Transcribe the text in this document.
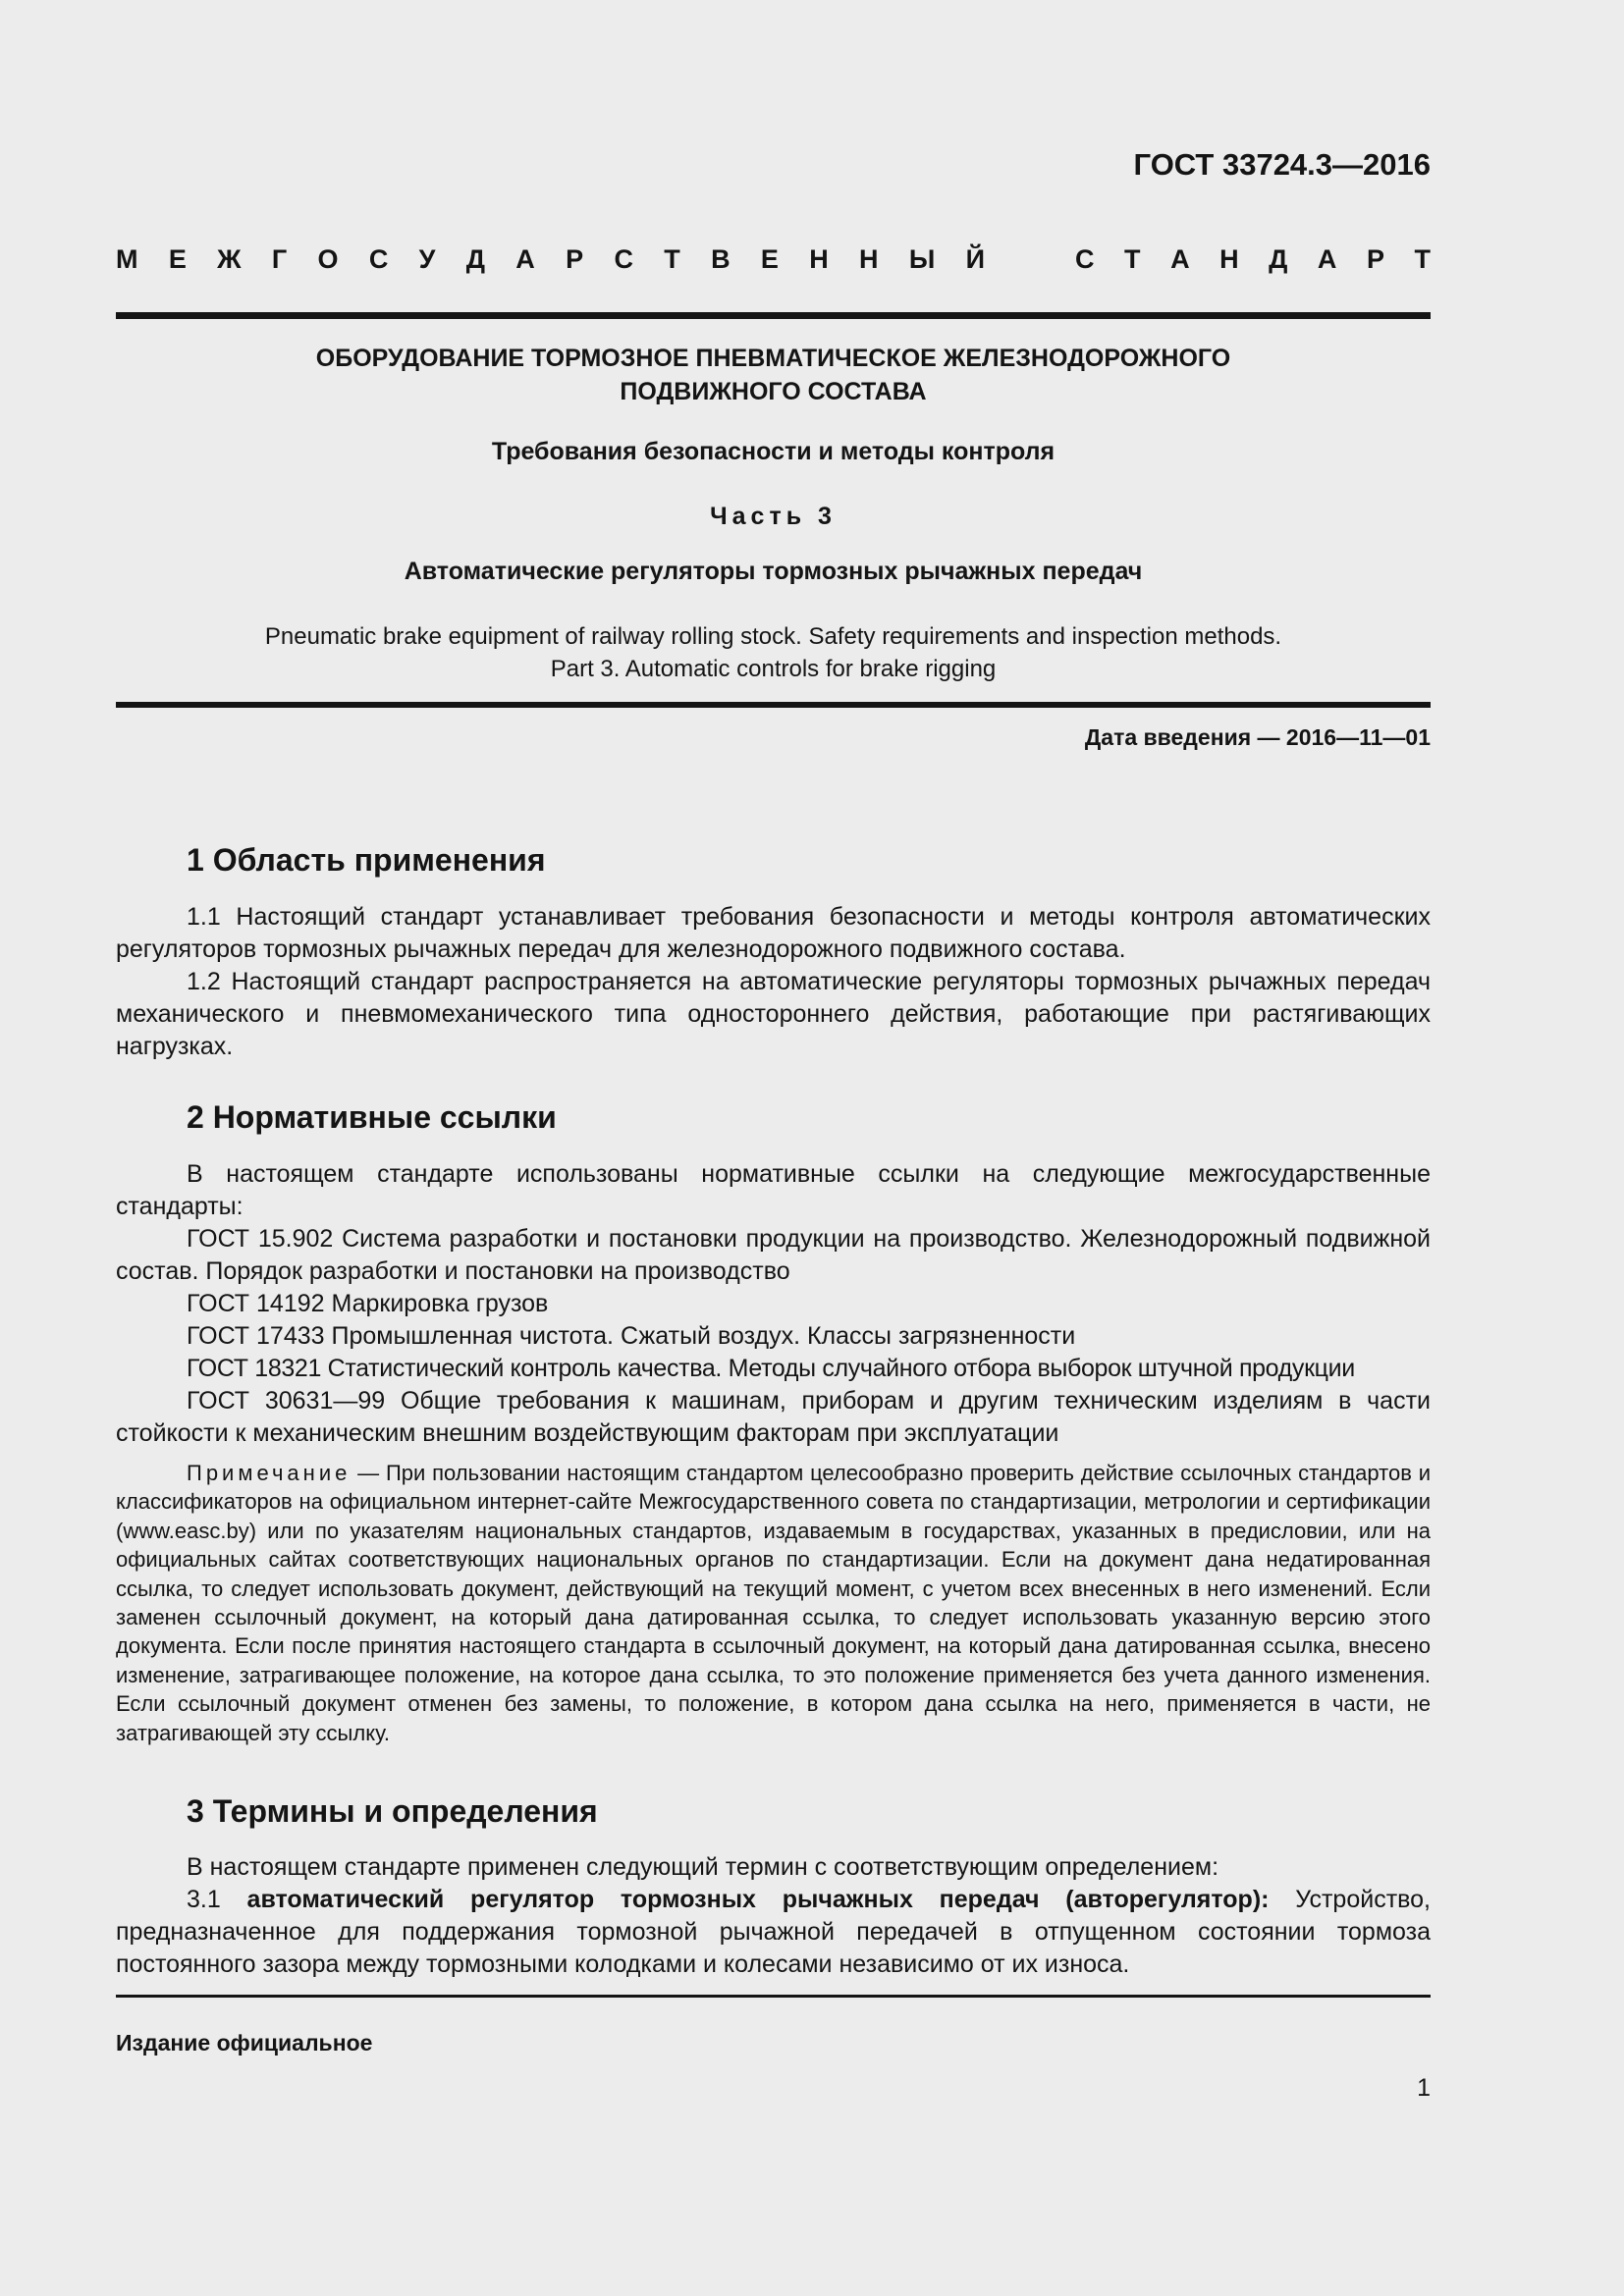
ГОСТ 33724.3—2016
М Е Ж Г О С У Д А Р С Т В Е Н Н Ы Й	С Т А Н Д А Р Т
ОБОРУДОВАНИЕ ТОРМОЗНОЕ ПНЕВМАТИЧЕСКОЕ ЖЕЛЕЗНОДОРОЖНОГО
ПОДВИЖНОГО СОСТАВА
Требования безопасности и методы контроля
Часть 3
Автоматические регуляторы тормозных рычажных передач
Pneumatic brake equipment of railway rolling stock. Safety requirements and inspection methods.
Part 3. Automatic controls for brake rigging
Дата введения — 2016—11—01
1 Область применения

1.1 Настоящий стандарт устанавливает требования безопасности и методы контроля автоматических регуляторов тормозных рычажных передач для железнодорожного подвижного состава.

1.2 Настоящий стандарт распространяется на автоматические регуляторы тормозных рычажных передач механического и пневмомеханического типа одностороннего действия, работающие при растягивающих нагрузках.

2 Нормативные ссылки

В настоящем стандарте использованы нормативные ссылки на следующие межгосударственные стандарты:

ГОСТ 15.902 Система разработки и постановки продукции на производство. Железнодорожный подвижной состав. Порядок разработки и постановки на производство

ГОСТ 14192 Маркировка грузов

ГОСТ 17433 Промышленная чистота. Сжатый воздух. Классы загрязненности

ГОСТ 18321 Статистический контроль качества. Методы случайного отбора выборок штучной продукции

ГОСТ 30631—99 Общие требования к машинам, приборам и другим техническим изделиям в части стойкости к механическим внешним воздействующим факторам при эксплуатации

Примечание — При пользовании настоящим стандартом целесообразно проверить действие ссылочных стандартов и классификаторов на официальном интернет-сайте Межгосударственного совета по стандартизации, метрологии и сертификации (www.easc.by) или по указателям национальных стандартов, издаваемым в государствах, указанных в предисловии, или на официальных сайтах соответствующих национальных органов по стандартизации. Если на документ дана недатированная ссылка, то следует использовать документ, действующий на текущий момент, с учетом всех внесенных в него изменений. Если заменен ссылочный документ, на который дана датированная ссылка, то следует использовать указанную версию этого документа. Если после принятия настоящего стандарта в ссылочный документ, на который дана датированная ссылка, внесено изменение, затрагивающее положение, на которое дана ссылка, то это положение применяется без учета данного изменения. Если ссылочный документ отменен без замены, то положение, в котором дана ссылка на него, применяется в части, не затрагивающей эту ссылку.

3 Термины и определения

В настоящем стандарте применен следующий термин с соответствующим определением:

3.1 автоматический регулятор тормозных рычажных передач (авторегулятор): Устройство, предназначенное для поддержания тормозной рычажной передачей в отпущенном состоянии тормоза постоянного зазора между тормозными колодками и колесами независимо от их износа.

Издание официальное
1
